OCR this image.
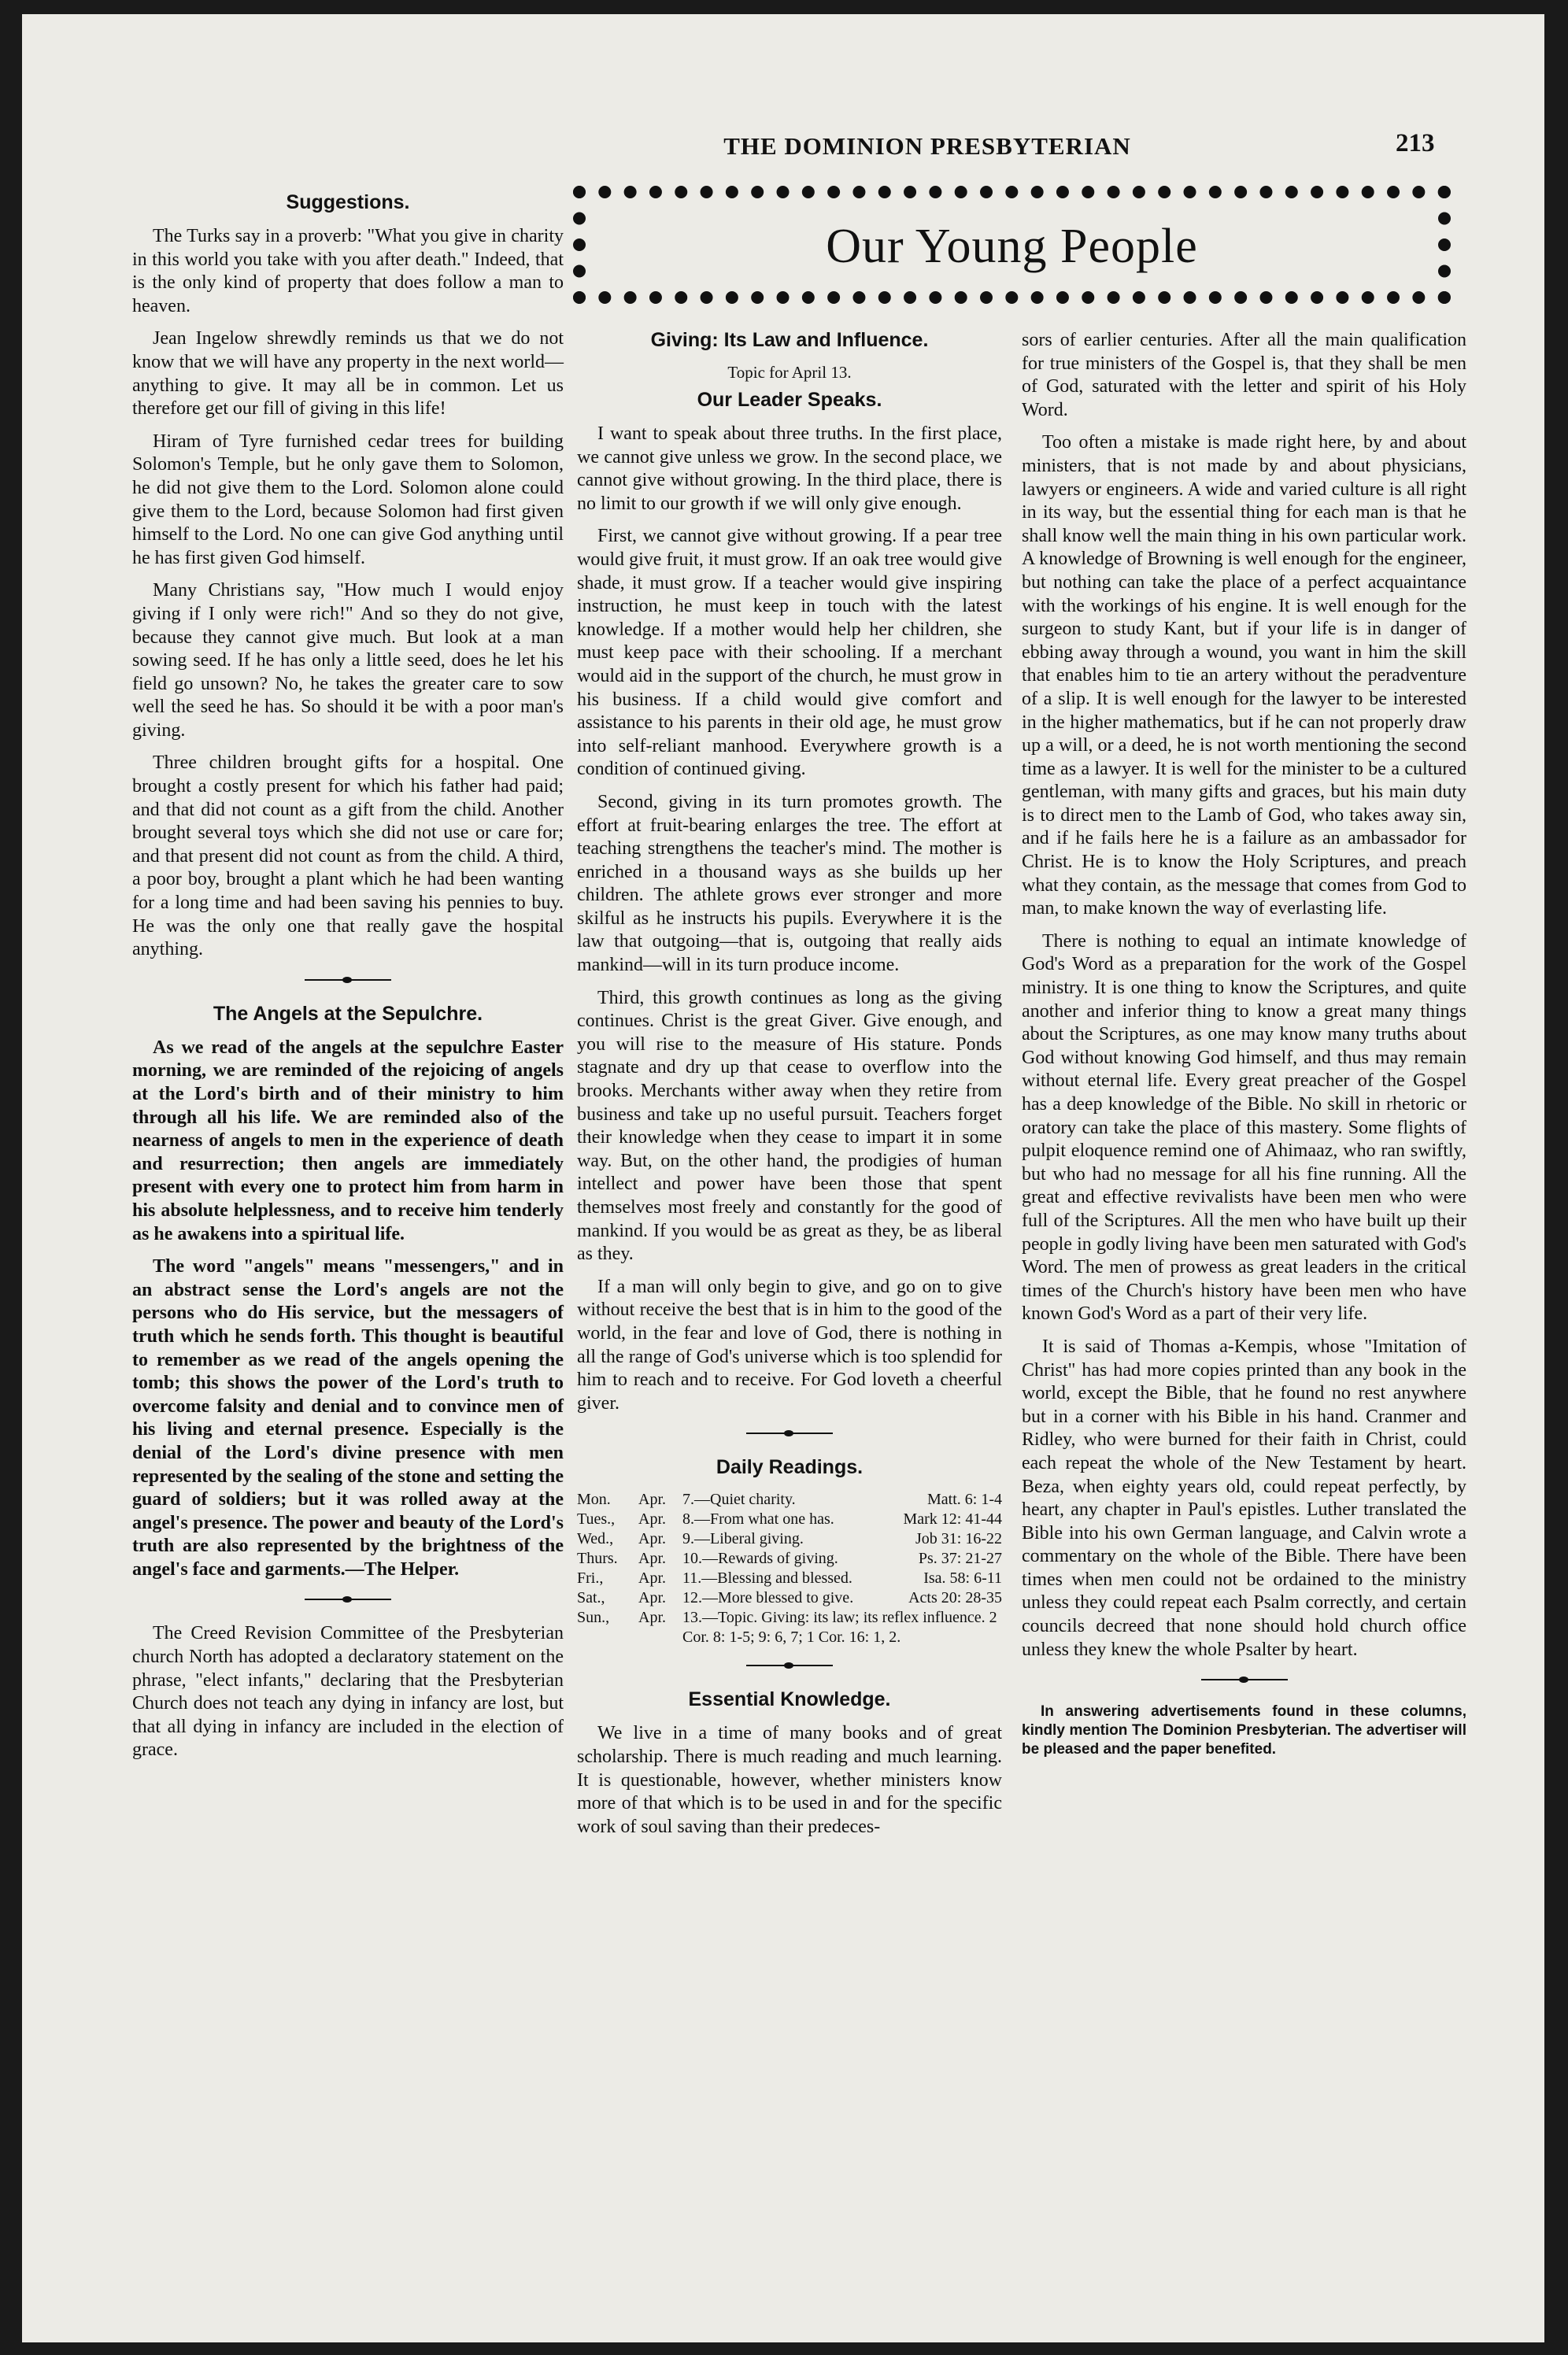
THE DOMINION PRESBYTERIAN	213
Our Young People
Suggestions.

The Turks say in a proverb: "What you give in charity in this world you take with you after death." Indeed, that is the only kind of property that does follow a man to heaven.

Jean Ingelow shrewdly reminds us that we do not know that we will have any property in the next world—anything to give. It may all be in common. Let us therefore get our fill of giving in this life!

Hiram of Tyre furnished cedar trees for building Solomon's Temple, but he only gave them to Solomon, he did not give them to the Lord. Solomon alone could give them to the Lord, because Solomon had first given himself to the Lord. No one can give God anything until he has first given God himself.

Many Christians say, "How much I would enjoy giving if I only were rich!" And so they do not give, because they cannot give much. But look at a man sowing seed. If he has only a little seed, does he let his field go unsown? No, he takes the greater care to sow well the seed he has. So should it be with a poor man's giving.

Three children brought gifts for a hospital. One brought a costly present for which his father had paid; and that did not count as a gift from the child. Another brought several toys which she did not use or care for; and that present did not count as from the child. A third, a poor boy, brought a plant which he had been wanting for a long time and had been saving his pennies to buy. He was the only one that really gave the hospital anything.

The Angels at the Sepulchre.

As we read of the angels at the sepulchre Easter morning, we are reminded of the rejoicing of angels at the Lord's birth and of their ministry to him through all his life. We are reminded also of the nearness of angels to men in the experience of death and resurrection; then angels are immediately present with every one to protect him from harm in his absolute helplessness, and to receive him tenderly as he awakens into a spiritual life.

The word "angels" means "messengers," and in an abstract sense the Lord's angels are not the persons who do His service, but the messagers of truth which he sends forth. This thought is beautiful to remember as we read of the angels opening the tomb; this shows the power of the Lord's truth to overcome falsity and denial and to convince men of his living and eternal presence. Especially is the denial of the Lord's divine presence with men represented by the sealing of the stone and setting the guard of soldiers; but it was rolled away at the angel's presence. The power and beauty of the Lord's truth are also represented by the brightness of the angel's face and garments.—The Helper.

The Creed Revision Committee of the Presbyterian church North has adopted a declaratory statement on the phrase, "elect infants," declaring that the Presbyterian Church does not teach any dying in infancy are lost, but that all dying in infancy are included in the election of grace.

Giving: Its Law and Influence.
Topic for April 13.
Our Leader Speaks.

I want to speak about three truths. In the first place, we cannot give unless we grow. In the second place, we cannot give without growing. In the third place, there is no limit to our growth if we will only give enough.

First, we cannot give without growing. If a pear tree would give fruit, it must grow. If an oak tree would give shade, it must grow. If a teacher would give inspiring instruction, he must keep in touch with the latest knowledge. If a mother would help her children, she must keep pace with their schooling. If a merchant would aid in the support of the church, he must grow in his business. If a child would give comfort and assistance to his parents in their old age, he must grow into self-reliant manhood. Everywhere growth is a condition of continued giving.

Second, giving in its turn promotes growth. The effort at fruit-bearing enlarges the tree. The effort at teaching strengthens the teacher's mind. The mother is enriched in a thousand ways as she builds up her children. The athlete grows ever stronger and more skilful as he instructs his pupils. Everywhere it is the law that outgoing—that is, outgoing that really aids mankind—will in its turn produce income.

Third, this growth continues as long as the giving continues. Christ is the great Giver. Give enough, and you will rise to the measure of His stature. Ponds stagnate and dry up that cease to overflow into the brooks. Merchants wither away when they retire from business and take up no useful pursuit. Teachers forget their knowledge when they cease to impart it in some way. But, on the other hand, the prodigies of human intellect and power have been those that spent themselves most freely and constantly for the good of mankind. If you would be as great as they, be as liberal as they.

If a man will only begin to give, and go on to give without receive the best that is in him to the good of the world, in the fear and love of God, there is nothing in all the range of God's universe which is too splendid for him to reach and to receive. For God loveth a cheerful giver.

Daily Readings.
Mon.	Apr.	7.—Quiet charity.	Matt. 6: 1-4
Tues.,	Apr.	8.—From what one has.	Mark 12: 41-44
Wed.,	Apr.	9.—Liberal giving.	Job 31: 16-22
Thurs.	Apr.	10.—Rewards of giving.	Ps. 37: 21-27
Fri.,	Apr.	11.—Blessing and blessed.	Isa. 58: 6-11
Sat.,	Apr.	12.—More blessed to give.	Acts 20: 28-35
Sun.,	Apr.	13.—Topic. Giving: its law; its reflex influence. 2 Cor. 8: 1-5; 9: 6, 7; 1 Cor. 16: 1, 2.
Essential Knowledge.

We live in a time of many books and of great scholarship. There is much reading and much learning. It is questionable, however, whether ministers know more of that which is to be used in and for the specific work of soul saving than their predeces-

sors of earlier centuries. After all the main qualification for true ministers of the Gospel is, that they shall be men of God, saturated with the letter and spirit of his Holy Word.

Too often a mistake is made right here, by and about ministers, that is not made by and about physicians, lawyers or engineers. A wide and varied culture is all right in its way, but the essential thing for each man is that he shall know well the main thing in his own particular work. A knowledge of Browning is well enough for the engineer, but nothing can take the place of a perfect acquaintance with the workings of his engine. It is well enough for the surgeon to study Kant, but if your life is in danger of ebbing away through a wound, you want in him the skill that enables him to tie an artery without the peradventure of a slip. It is well enough for the lawyer to be interested in the higher mathematics, but if he can not properly draw up a will, or a deed, he is not worth mentioning the second time as a lawyer. It is well for the minister to be a cultured gentleman, with many gifts and graces, but his main duty is to direct men to the Lamb of God, who takes away sin, and if he fails here he is a failure as an ambassador for Christ. He is to know the Holy Scriptures, and preach what they contain, as the message that comes from God to man, to make known the way of everlasting life.

There is nothing to equal an intimate knowledge of God's Word as a preparation for the work of the Gospel ministry. It is one thing to know the Scriptures, and quite another and inferior thing to know a great many things about the Scriptures, as one may know many truths about God without knowing God himself, and thus may remain without eternal life. Every great preacher of the Gospel has a deep knowledge of the Bible. No skill in rhetoric or oratory can take the place of this mastery. Some flights of pulpit eloquence remind one of Ahimaaz, who ran swiftly, but who had no message for all his fine running. All the great and effective revivalists have been men who were full of the Scriptures. All the men who have built up their people in godly living have been men saturated with God's Word. The men of prowess as great leaders in the critical times of the Church's history have been men who have known God's Word as a part of their very life.

It is said of Thomas a-Kempis, whose "Imitation of Christ" has had more copies printed than any book in the world, except the Bible, that he found no rest anywhere but in a corner with his Bible in his hand. Cranmer and Ridley, who were burned for their faith in Christ, could each repeat the whole of the New Testament by heart. Beza, when eighty years old, could repeat perfectly, by heart, any chapter in Paul's epistles. Luther translated the Bible into his own German language, and Calvin wrote a commentary on the whole of the Bible. There have been times when men could not be ordained to the ministry unless they could repeat each Psalm correctly, and certain councils decreed that none should hold church office unless they knew the whole Psalter by heart.

In answering advertisements found in these columns, kindly mention The Dominion Presbyterian. The advertiser will be pleased and the paper benefited.
